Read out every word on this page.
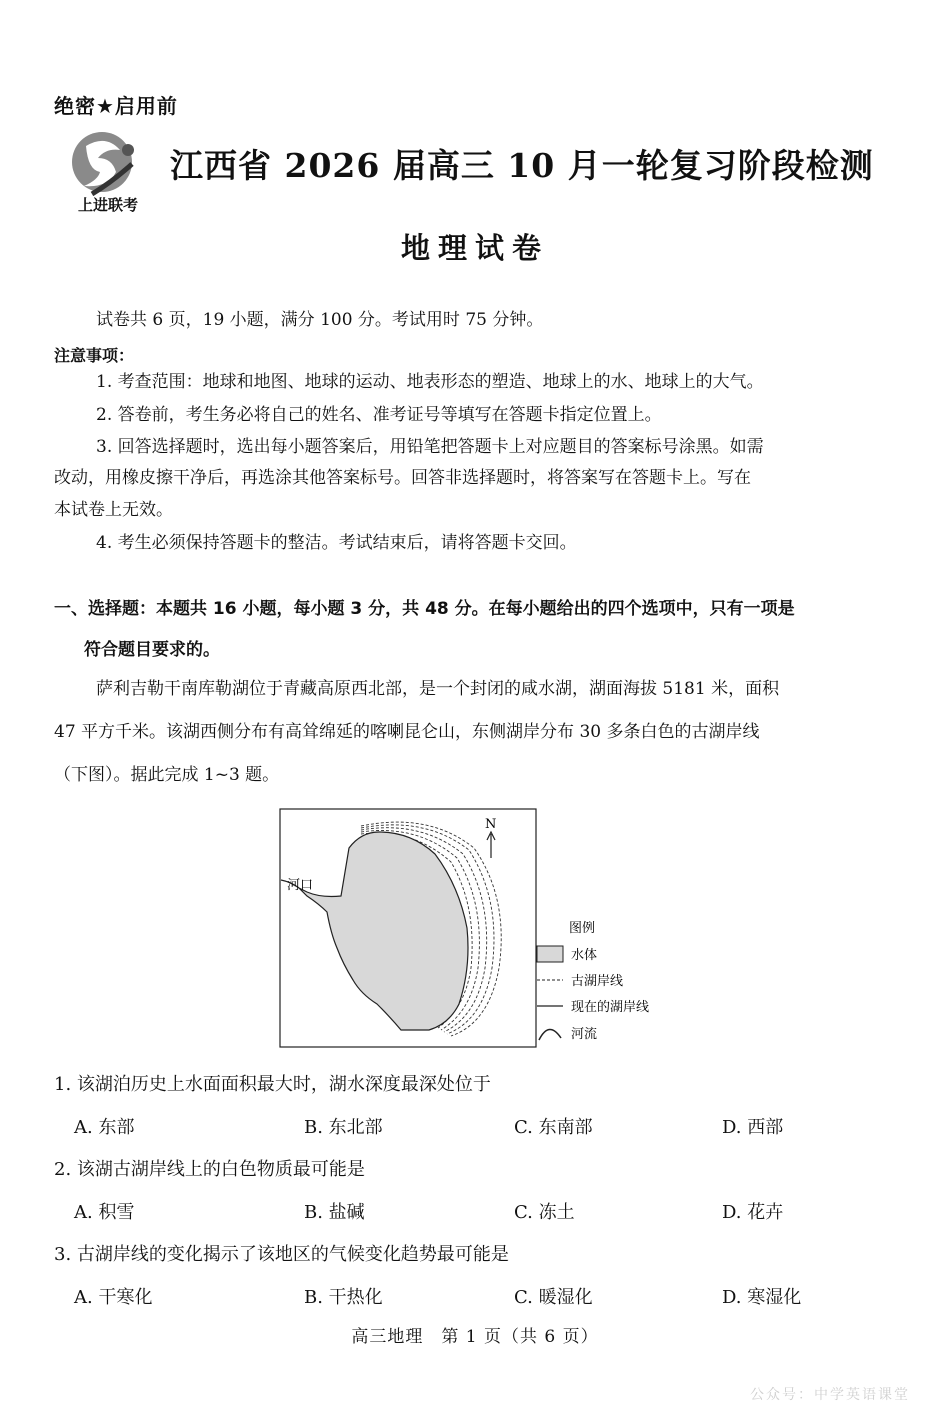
绝密★启用前
上进联考
江西省 2026 届高三 10 月一轮复习阶段检测
地理试卷
试卷共 6 页，19 小题，满分 100 分。考试用时 75 分钟。
注意事项：
1. 考查范围：地球和地图、地球的运动、地表形态的塑造、地球上的水、地球上的大气。
2. 答卷前，考生务必将自己的姓名、准考证号等填写在答题卡指定位置上。
3. 回答选择题时，选出每小题答案后，用铅笔把答题卡上对应题目的答案标号涂黑。如需
改动，用橡皮擦干净后，再选涂其他答案标号。回答非选择题时，将答案写在答题卡上。写在
本试卷上无效。
4. 考生必须保持答题卡的整洁。考试结束后，请将答题卡交回。
一、选择题：本题共 16 小题，每小题 3 分，共 48 分。在每小题给出的四个选项中，只有一项是
符合题目要求的。
萨利吉勒干南库勒湖位于青藏高原西北部，是一个封闭的咸水湖，湖面海拔 5181 米，面积
47 平方千米。该湖西侧分布有高耸绵延的喀喇昆仑山，东侧湖岸分布 30 多条白色的古湖岸线
（下图）。据此完成 1~3 题。
河口
N
图例
水体
古湖岸线
现在的湖岸线
河流
1. 该湖泊历史上水面面积最大时，湖水深度最深处位于
A. 东部	B. 东北部	C. 东南部	D. 西部
2. 该湖古湖岸线上的白色物质最可能是
A. 积雪	B. 盐碱	C. 冻土	D. 花卉
3. 古湖岸线的变化揭示了该地区的气候变化趋势最可能是
A. 干寒化	B. 干热化	C. 暖湿化	D. 寒湿化
高三地理　第 1 页（共 6 页）
公众号：中学英语课堂
